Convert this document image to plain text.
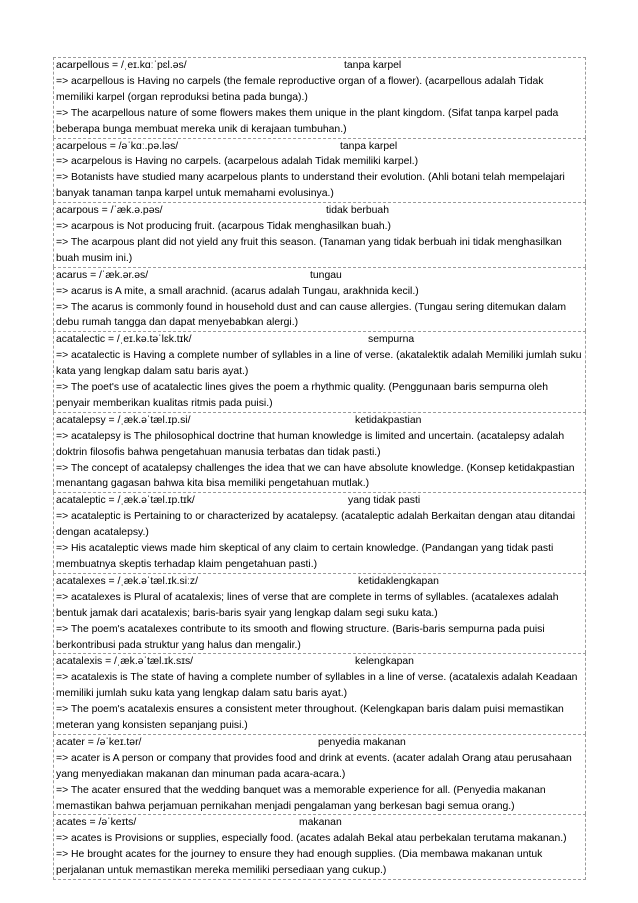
acarpellous = /ˌeɪ.kɑːˈpɛl.əs/	tanpa karpel

=> acarpellous is Having no carpels (the female reproductive organ of a flower). (acarpellous adalah Tidak memiliki karpel (organ reproduksi betina pada bunga).)

=> The acarpellous nature of some flowers makes them unique in the plant kingdom. (Sifat tanpa karpel pada beberapa bunga membuat mereka unik di kerajaan tumbuhan.)

acarpelous = /əˈkɑː.pə.ləs/	tanpa karpel

=> acarpelous is Having no carpels. (acarpelous adalah Tidak memiliki karpel.)

=> Botanists have studied many acarpelous plants to understand their evolution. (Ahli botani telah mempelajari banyak tanaman tanpa karpel untuk memahami evolusinya.)

acarpous = /ˈæk.ə.pəs/	tidak berbuah

=> acarpous is Not producing fruit. (acarpous Tidak menghasilkan buah.)

=> The acarpous plant did not yield any fruit this season. (Tanaman yang tidak berbuah ini tidak menghasilkan buah musim ini.)

acarus = /ˈæk.ər.əs/	tungau

=> acarus is A mite, a small arachnid. (acarus adalah Tungau, arakhnida kecil.)

=> The acarus is commonly found in household dust and can cause allergies. (Tungau sering ditemukan dalam debu rumah tangga dan dapat menyebabkan alergi.)

acatalectic = /ˌeɪ.kə.təˈlɛk.tɪk/	sempurna

=> acatalectic is Having a complete number of syllables in a line of verse. (akatalektik adalah Memiliki jumlah suku kata yang lengkap dalam satu baris ayat.)

=> The poet's use of acatalectic lines gives the poem a rhythmic quality. (Penggunaan baris sempurna oleh penyair memberikan kualitas ritmis pada puisi.)

acatalepsy = /ˌæk.əˈtæl.ɪp.si/	ketidakpastian

=> acatalepsy is The philosophical doctrine that human knowledge is limited and uncertain. (acatalepsy adalah doktrin filosofis bahwa pengetahuan manusia terbatas dan tidak pasti.)

=> The concept of acatalepsy challenges the idea that we can have absolute knowledge. (Konsep ketidakpastian menantang gagasan bahwa kita bisa memiliki pengetahuan mutlak.)

acataleptic = /ˌæk.əˈtæl.ɪp.tɪk/	yang tidak pasti

=> acataleptic is Pertaining to or characterized by acatalepsy. (acataleptic adalah Berkaitan dengan atau ditandai dengan acatalepsy.)

=> His acataleptic views made him skeptical of any claim to certain knowledge. (Pandangan yang tidak pasti membuatnya skeptis terhadap klaim pengetahuan pasti.)

acatalexes = /ˌæk.əˈtæl.ɪk.siːz/	ketidaklengkapan

=> acatalexes is Plural of acatalexis; lines of verse that are complete in terms of syllables. (acatalexes adalah bentuk jamak dari acatalexis; baris-baris syair yang lengkap dalam segi suku kata.)

=> The poem's acatalexes contribute to its smooth and flowing structure. (Baris-baris sempurna pada puisi berkontribusi pada struktur yang halus dan mengalir.)

acatalexis = /ˌæk.əˈtæl.ɪk.sɪs/	kelengkapan

=> acatalexis is The state of having a complete number of syllables in a line of verse. (acatalexis adalah Keadaan memiliki jumlah suku kata yang lengkap dalam satu baris ayat.)

=> The poem's acatalexis ensures a consistent meter throughout. (Kelengkapan baris dalam puisi memastikan meteran yang konsisten sepanjang puisi.)

acater = /əˈkeɪ.tər/	penyedia makanan

=> acater is A person or company that provides food and drink at events. (acater adalah Orang atau perusahaan yang menyediakan makanan dan minuman pada acara-acara.)

=> The acater ensured that the wedding banquet was a memorable experience for all. (Penyedia makanan memastikan bahwa perjamuan pernikahan menjadi pengalaman yang berkesan bagi semua orang.)

acates = /əˈkeɪts/	makanan

=> acates is Provisions or supplies, especially food. (acates adalah Bekal atau perbekalan terutama makanan.)

=> He brought acates for the journey to ensure they had enough supplies. (Dia membawa makanan untuk perjalanan untuk memastikan mereka memiliki persediaan yang cukup.)
